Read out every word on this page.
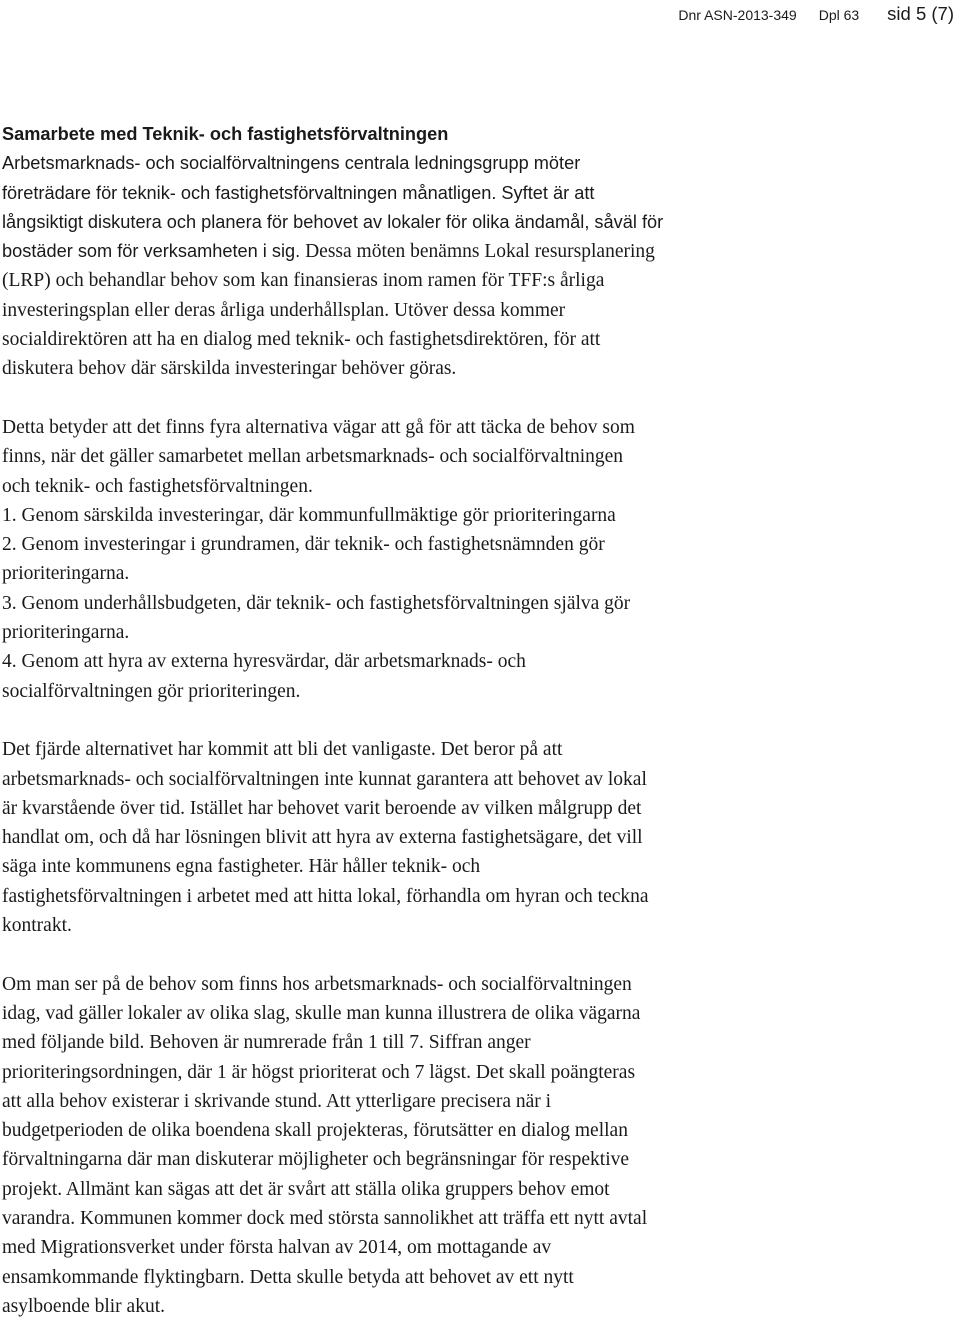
Dnr ASN-2013-349 Dpl 63 sid 5 (7)
Samarbete med Teknik- och fastighetsförvaltningen
Arbetsmarknads- och socialförvaltningens centrala ledningsgrupp möter
företrädare för teknik- och fastighetsförvaltningen månatligen. Syftet är att
långsiktigt diskutera och planera för behovet av lokaler för olika ändamål, såväl för
bostäder som för verksamheten i sig. Dessa möten benämns Lokal resursplanering
(LRP) och behandlar behov som kan finansieras inom ramen för TFF:s årliga
investeringsplan eller deras årliga underhållsplan. Utöver dessa kommer
socialdirektören att ha en dialog med teknik- och fastighetsdirektören, för att
diskutera behov där särskilda investeringar behöver göras.
Detta betyder att det finns fyra alternativa vägar att gå för att täcka de behov som
finns, när det gäller samarbetet mellan arbetsmarknads- och socialförvaltningen
och teknik- och fastighetsförvaltningen.
1. Genom särskilda investeringar, där kommunfullmäktige gör prioriteringarna
2. Genom investeringar i grundramen, där teknik- och fastighetsnämnden gör
prioriteringarna.
3. Genom underhållsbudgeten, där teknik- och fastighetsförvaltningen själva gör
prioriteringarna.
4. Genom att hyra av externa hyresvärdar, där arbetsmarknads- och
socialförvaltningen gör prioriteringen.
Det fjärde alternativet har kommit att bli det vanligaste. Det beror på att
arbetsmarknads- och socialförvaltningen inte kunnat garantera att behovet av lokal
är kvarstående över tid. Istället har behovet varit beroende av vilken målgrupp det
handlat om, och då har lösningen blivit att hyra av externa fastighetsägare, det vill
säga inte kommunens egna fastigheter. Här håller teknik- och
fastighetsförvaltningen i arbetet med att hitta lokal, förhandla om hyran och teckna
kontrakt.
Om man ser på de behov som finns hos arbetsmarknads- och socialförvaltningen
idag, vad gäller lokaler av olika slag, skulle man kunna illustrera de olika vägarna
med följande bild. Behoven är numrerade från 1 till 7. Siffran anger
prioriteringsordningen, där 1 är högst prioriterat och 7 lägst. Det skall poängteras
att alla behov existerar i skrivande stund. Att ytterligare precisera när i
budgetperioden de olika boendena skall projekteras, förutsätter en dialog mellan
förvaltningarna där man diskuterar möjligheter och begränsningar för respektive
projekt. Allmänt kan sägas att det är svårt att ställa olika gruppers behov emot
varandra. Kommunen kommer dock med största sannolikhet att träffa ett nytt avtal
med Migrationsverket under första halvan av 2014, om mottagande av
ensamkommande flyktingbarn. Detta skulle betyda att behovet av ett nytt
asylboende blir akut.
